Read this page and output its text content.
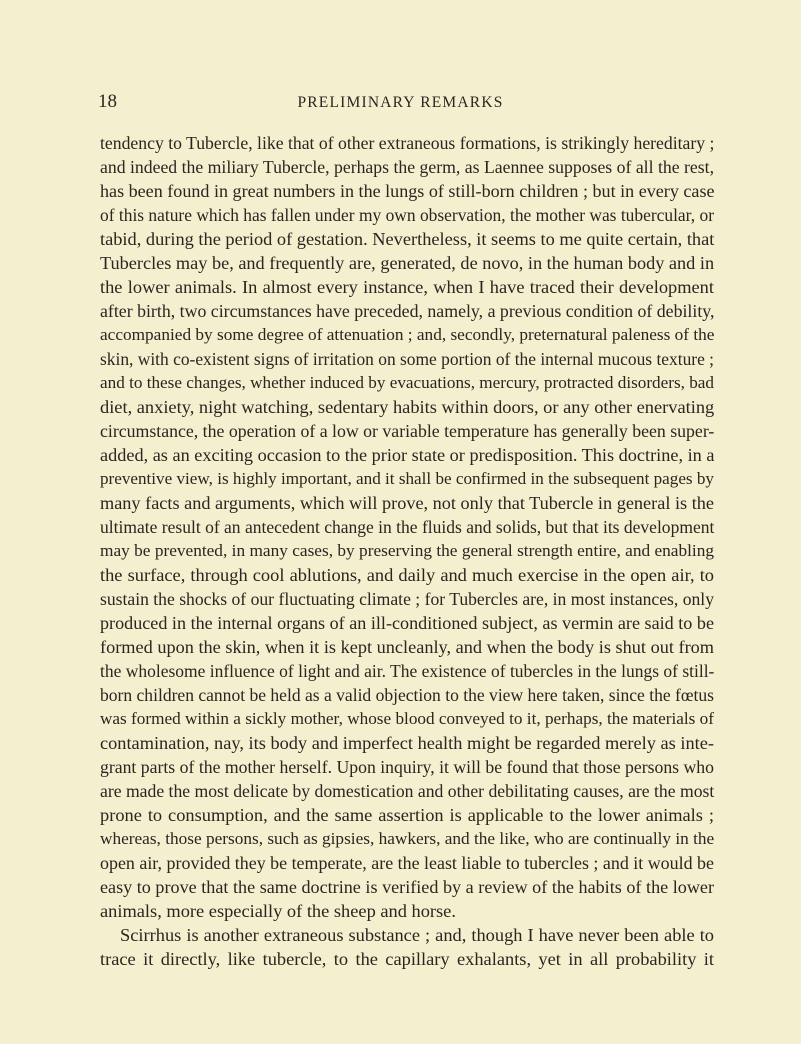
18	PRELIMINARY REMARKS
tendency to Tubercle, like that of other extraneous formations, is strikingly hereditary ;
and indeed the miliary Tubercle, perhaps the germ, as Laennee supposes of all the rest,
has been found in great numbers in the lungs of still-born children ; but in every case
of this nature which has fallen under my own observation, the mother was tubercular, or
tabid, during the period of gestation. Nevertheless, it seems to me quite certain, that
Tubercles may be, and frequently are, generated, de novo, in the human body and in
the lower animals. In almost every instance, when I have traced their development
after birth, two circumstances have preceded, namely, a previous condition of debility,
accompanied by some degree of attenuation ; and, secondly, preternatural paleness of the
skin, with co-existent signs of irritation on some portion of the internal mucous texture ;
and to these changes, whether induced by evacuations, mercury, protracted disorders, bad
diet, anxiety, night watching, sedentary habits within doors, or any other enervating
circumstance, the operation of a low or variable temperature has generally been super-
added, as an exciting occasion to the prior state or predisposition. This doctrine, in a
preventive view, is highly important, and it shall be confirmed in the subsequent pages by
many facts and arguments, which will prove, not only that Tubercle in general is the
ultimate result of an antecedent change in the fluids and solids, but that its development
may be prevented, in many cases, by preserving the general strength entire, and enabling
the surface, through cool ablutions, and daily and much exercise in the open air, to
sustain the shocks of our fluctuating climate ; for Tubercles are, in most instances, only
produced in the internal organs of an ill-conditioned subject, as vermin are said to be
formed upon the skin, when it is kept uncleanly, and when the body is shut out from
the wholesome influence of light and air. The existence of tubercles in the lungs of still-
born children cannot be held as a valid objection to the view here taken, since the fœtus
was formed within a sickly mother, whose blood conveyed to it, perhaps, the materials of
contamination, nay, its body and imperfect health might be regarded merely as inte-
grant parts of the mother herself. Upon inquiry, it will be found that those persons who
are made the most delicate by domestication and other debilitating causes, are the most
prone to consumption, and the same assertion is applicable to the lower animals ;
whereas, those persons, such as gipsies, hawkers, and the like, who are continually in the
open air, provided they be temperate, are the least liable to tubercles ; and it would be
easy to prove that the same doctrine is verified by a review of the habits of the lower
animals, more especially of the sheep and horse.
Scirrhus is another extraneous substance ; and, though I have never been able to
trace it directly, like tubercle, to the capillary exhalants, yet in all probability it
